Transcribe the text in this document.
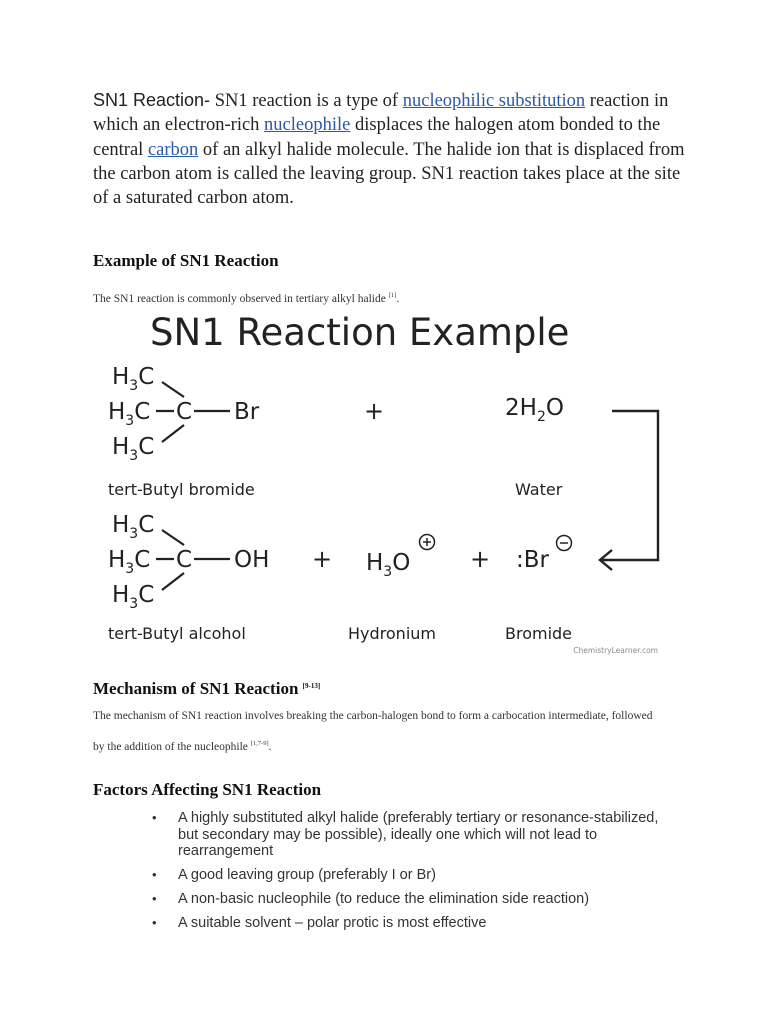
SN1 Reaction- SN1 reaction is a type of nucleophilic substitution reaction in which an electron-rich nucleophile displaces the halogen atom bonded to the central carbon of an alkyl halide molecule. The halide ion that is displaced from the carbon atom is called the leaving group. SN1 reaction takes place at the site of a saturated carbon atom.
Example of SN1 Reaction
The SN1 reaction is commonly observed in tertiary alkyl halide [1].
SN1 Reaction Example
$H_3C$
$H_3C$ C Br
$H_3C$
+	$2H_2O$
tert-Butyl bromide	Water
$H_3C$
$H_3C$ C OH
$H_3C$
+ $H_3O$ + :Br
tert-Butyl alcohol	Hydronium	Bromide
ChemistryLearner.com
Mechanism of SN1 Reaction [9-13]
The mechanism of SN1 reaction involves breaking the carbon-halogen bond to form a carbocation intermediate, followed by the addition of the nucleophile [1,7-9].
Factors Affecting SN1 Reaction
• A highly substituted alkyl halide (preferably tertiary or resonance-stabilized, but secondary may be possible), ideally one which will not lead to rearrangement
• A good leaving group (preferably I or Br)
• A non-basic nucleophile (to reduce the elimination side reaction)
• A suitable solvent – polar protic is most effective
